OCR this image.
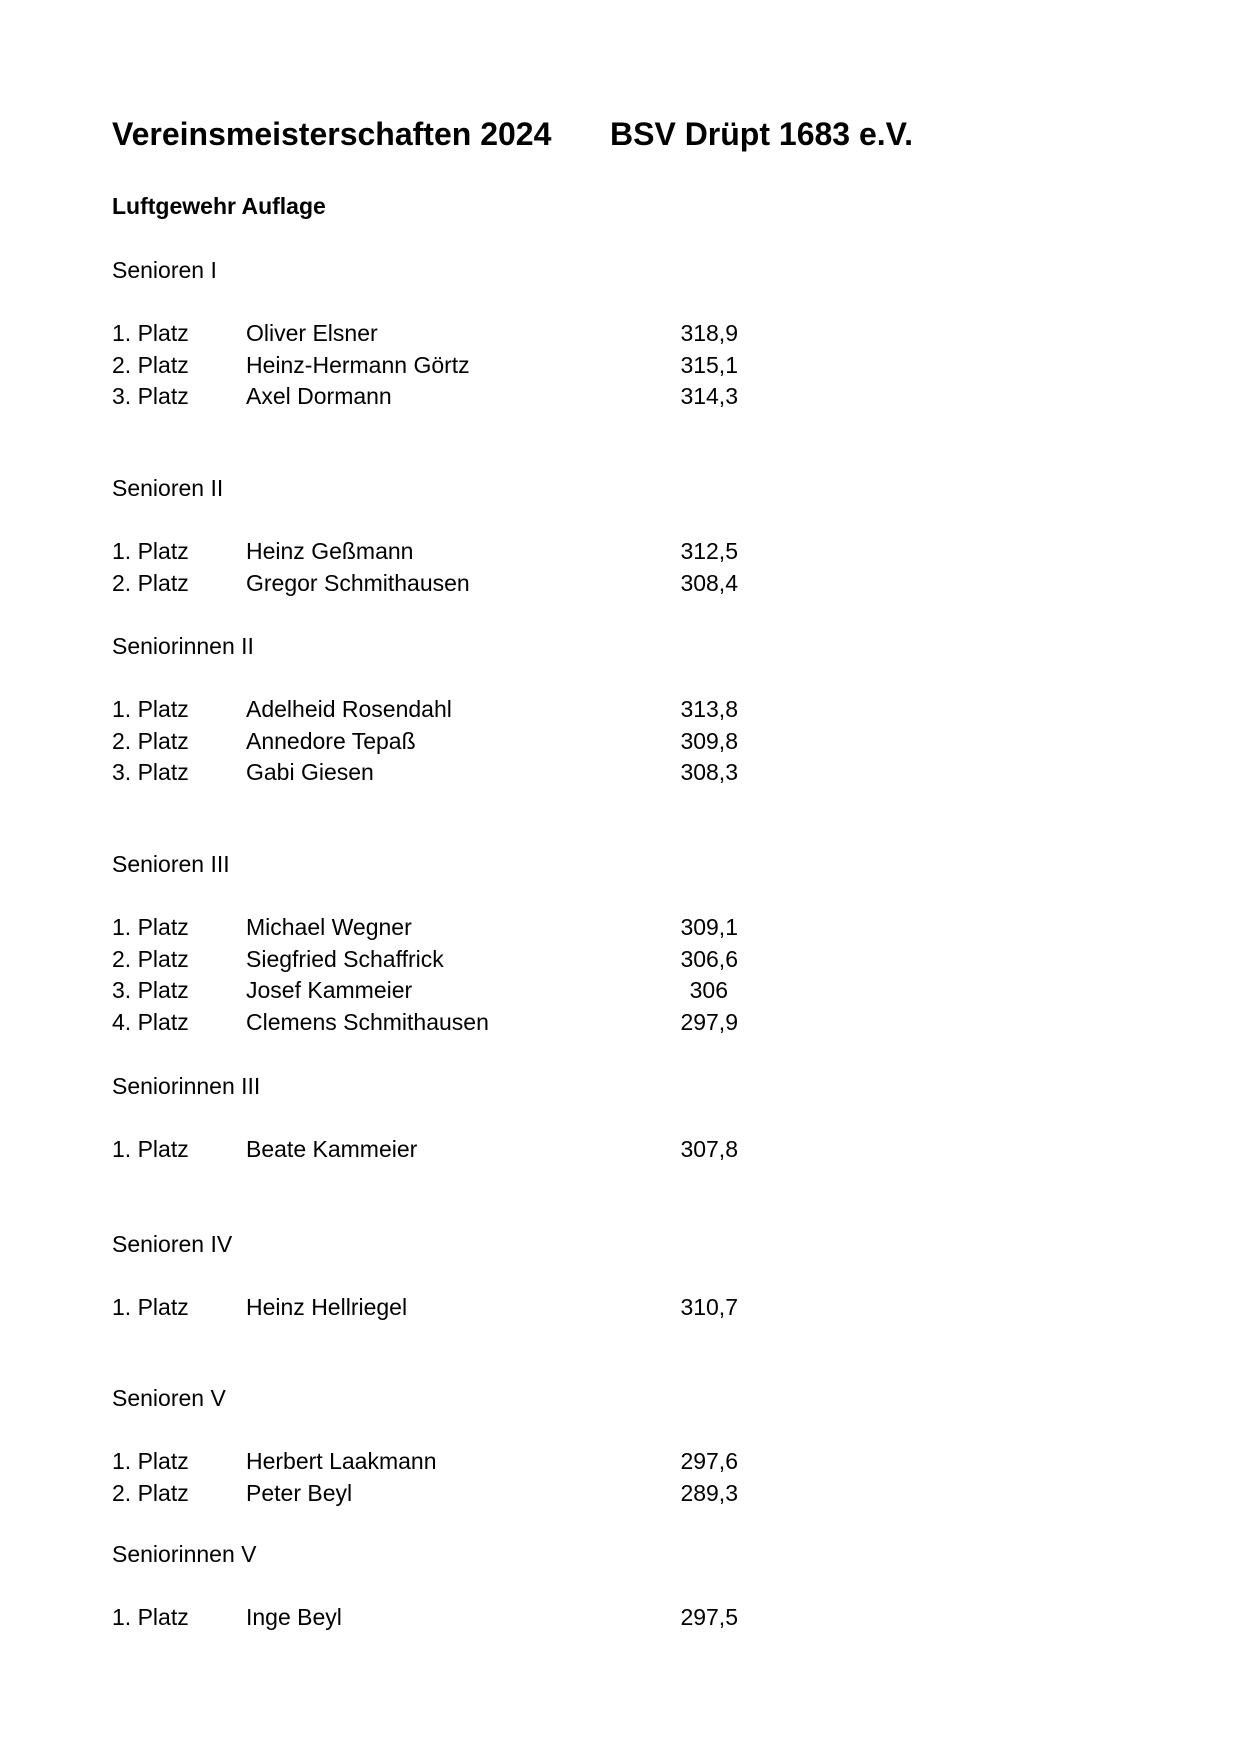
Vereinsmeisterschaften 2024 BSV Drüpt 1683 e.V.
Luftgewehr Auflage
Senioren I
1. Platz Oliver Elsner	318,9
2. Platz Heinz-Hermann Görtz	315,1
3. Platz Axel Dormann	314,3
Senioren II
1. Platz Heinz Geßmann	312,5
2. Platz Gregor Schmithausen	308,4
Seniorinnen II
1. Platz Adelheid Rosendahl	313,8
2. Platz Annedore Tepaß	309,8
3. Platz Gabi Giesen	308,3
Senioren III
1. Platz Michael Wegner	309,1
2. Platz Siegfried Schaffrick	306,6
3. Platz Josef Kammeier	306
4. Platz Clemens Schmithausen	297,9
Seniorinnen III
1. Platz Beate Kammeier	307,8
Senioren IV
1. Platz Heinz Hellriegel	310,7
Senioren V
1. Platz Herbert Laakmann	297,6
2. Platz Peter Beyl	289,3
Seniorinnen V
1. Platz Inge Beyl	297,5
